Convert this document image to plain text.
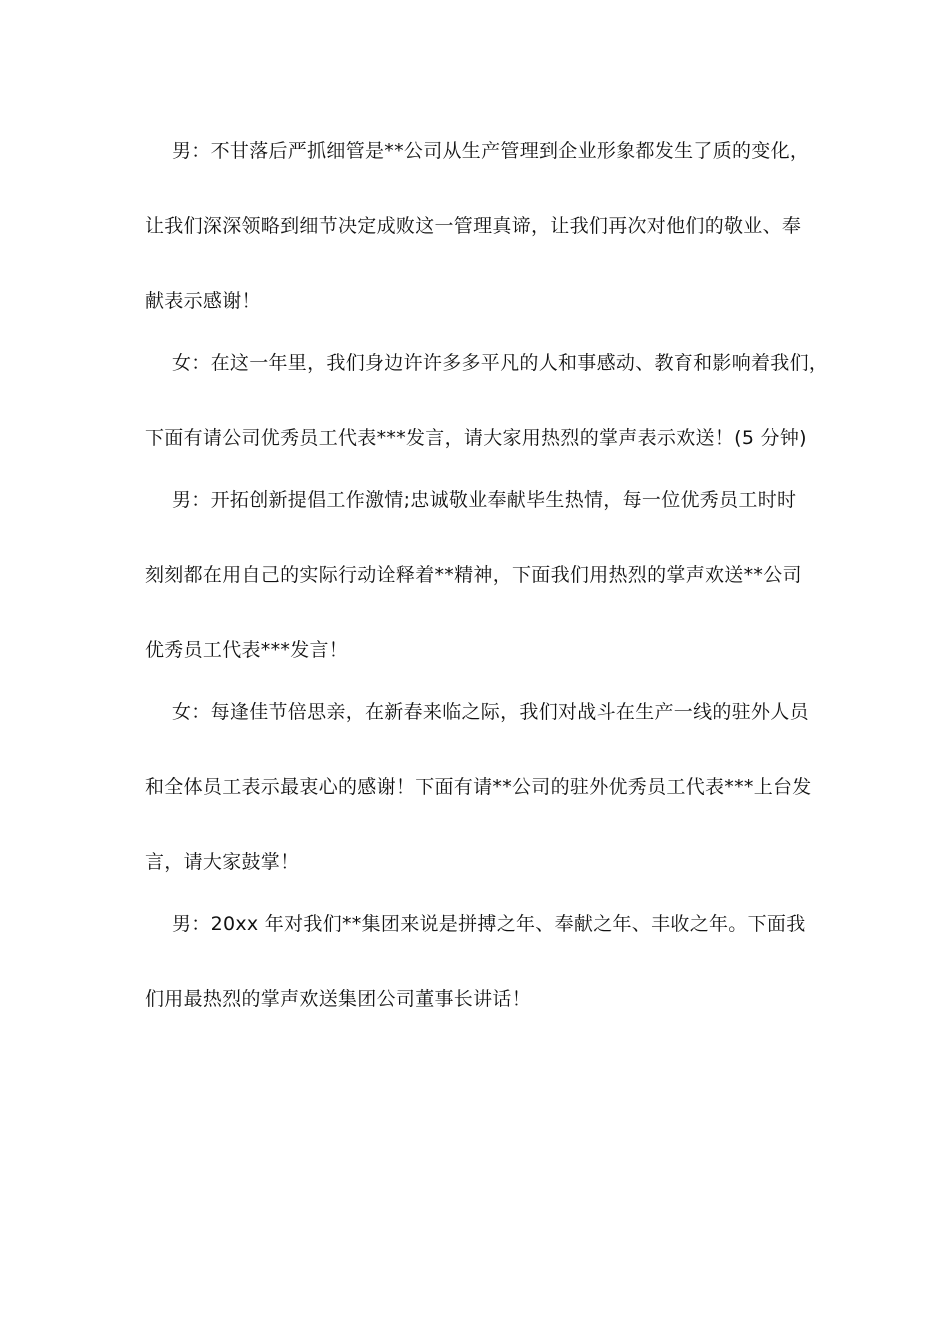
男：不甘落后严抓细管是**公司从生产管理到企业形象都发生了质的变化，
让我们深深领略到细节决定成败这一管理真谛，让我们再次对他们的敬业、奉
献表示感谢！
女：在这一年里，我们身边许许多多平凡的人和事感动、教育和影响着我们，
下面有请公司优秀员工代表***发言，请大家用热烈的掌声表示欢送！(5 分钟)
男：开拓创新提倡工作激情;忠诚敬业奉献毕生热情，每一位优秀员工时时
刻刻都在用自己的实际行动诠释着**精神，下面我们用热烈的掌声欢送**公司
优秀员工代表***发言！
女：每逢佳节倍思亲，在新春来临之际，我们对战斗在生产一线的驻外人员
和全体员工表示最衷心的感谢！下面有请**公司的驻外优秀员工代表***上台发
言，请大家鼓掌！
男：20xx 年对我们**集团来说是拼搏之年、奉献之年、丰收之年。下面我
们用最热烈的掌声欢送集团公司董事长讲话！
